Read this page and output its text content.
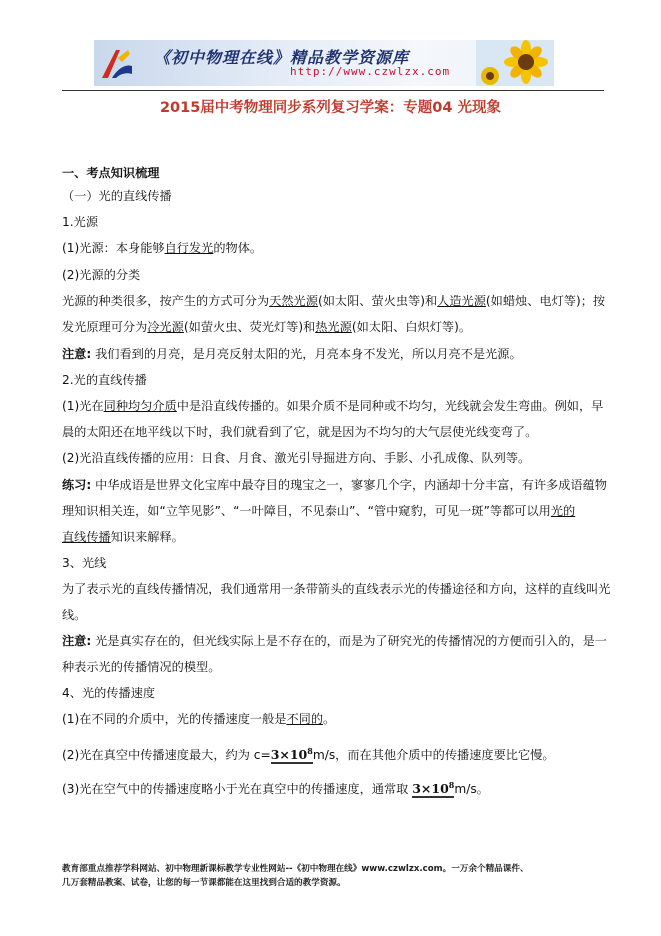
《初中物理在线》精品教学资源库
http://www.czwlzx.com
2015届中考物理同步系列复习学案：专题04 光现象
一、考点知识梳理
（一）光的直线传播
1.光源
(1)光源：本身能够自行发光的物体。
(2)光源的分类
光源的种类很多，按产生的方式可分为天然光源(如太阳、萤火虫等)和人造光源(如蜡烛、电灯等)；按
发光原理可分为冷光源(如萤火虫、荧光灯等)和热光源(如太阳、白炽灯等)。
注意: 我们看到的月亮，是月亮反射太阳的光，月亮本身不发光，所以月亮不是光源。
2.光的直线传播
(1)光在同种均匀介质中是沿直线传播的。如果介质不是同种或不均匀，光线就会发生弯曲。例如，早
晨的太阳还在地平线以下时，我们就看到了它，就是因为不均匀的大气层使光线变弯了。
(2)光沿直线传播的应用：日食、月食、激光引导掘进方向、手影、小孔成像、队列等。
练习: 中华成语是世界文化宝库中最夺目的瑰宝之一，寥寥几个字，内涵却十分丰富，有许多成语蕴物
理知识相关连，如“立竿见影”、“一叶障目，不见泰山”、“管中窥豹，可见一斑”等都可以用光的
直线传播知识来解释。
3、光线
为了表示光的直线传播情况，我们通常用一条带箭头的直线表示光的传播途径和方向，这样的直线叫光
线。
注意: 光是真实存在的，但光线实际上是不存在的，而是为了研究光的传播情况的方便而引入的，是一
种表示光的传播情况的模型。
4、光的传播速度
(1)在不同的介质中，光的传播速度一般是不同的。
(2)光在真空中传播速度最大，约为 $c=3\times 10^8m/s$，而在其他介质中的传播速度要比它慢。
(3)光在空气中的传播速度略小于光在真空中的传播速度，通常取 $3\times 10^8m/s$。
教育部重点推荐学科网站、初中物理新课标教学专业性网站--《初中物理在线》www.czwlzx.com。一万余个精品课件、
几万套精品教案、试卷，让您的每一节课都能在这里找到合适的教学资源。
